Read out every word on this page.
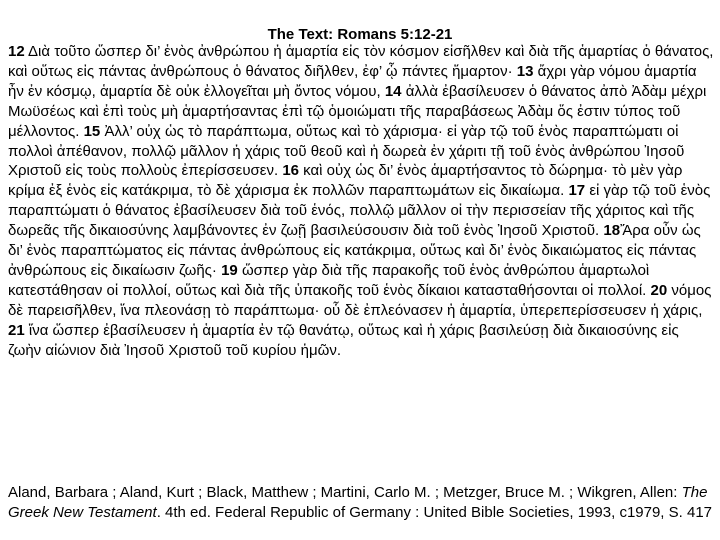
The Text: Romans 5:12-21
12 Διὰ τοῦτο ὥσπερ δι’ ἑνὸς ἀνθρώπου ἡ ἁμαρτία εἰς τὸν κόσμον εἰσῆλθεν καὶ διὰ τῆς ἁμαρτίας ὁ θάνατος, καὶ οὕτως εἰς πάντας ἀνθρώπους ὁ θάνατος διῆλθεν, ἐφ’ ᾧ πάντες ἥμαρτον· 13 ἄχρι γὰρ νόμου ἁμαρτία ἦν ἐν κόσμῳ, ἁμαρτία δὲ οὐκ ἐλλογεῖται μὴ ὄντος νόμου, 14 ἀλλὰ ἐβασίλευσεν ὁ θάνατος ἀπὸ Ἀδὰμ μέχρι Μωϋσέως καὶ ἐπὶ τοὺς μὴ ἁμαρτήσαντας ἐπὶ τῷ ὁμοιώματι τῆς παραβάσεως Ἀδὰμ ὅς ἐστιν τύπος τοῦ μέλλοντος. 15 Ἀλλ’ οὐχ ὡς τὸ παράπτωμα, οὕτως καὶ τὸ χάρισμα· εἰ γὰρ τῷ τοῦ ἑνὸς παραπτώματι οἱ πολλοὶ ἀπέθανον, πολλῷ μᾶλλον ἡ χάρις τοῦ θεοῦ καὶ ἡ δωρεὰ ἐν χάριτι τῇ τοῦ ἑνὸς ἀνθρώπου Ἰησοῦ Χριστοῦ εἰς τοὺς πολλοὺς ἐπερίσσευσεν. 16 καὶ οὐχ ὡς δι’ ἑνὸς ἁμαρτήσαντος τὸ δώρημα· τὸ μὲν γὰρ κρίμα ἐξ ἑνὸς εἰς κατάκριμα, τὸ δὲ χάρισμα ἐκ πολλῶν παραπτωμάτων εἰς δικαίωμα. 17 εἰ γὰρ τῷ τοῦ ἑνὸς παραπτώματι ὁ θάνατος ἐβασίλευσεν διὰ τοῦ ἑνός, πολλῷ μᾶλλον οἱ τὴν περισσείαν τῆς χάριτος καὶ τῆς δωρεᾶς τῆς δικαιοσύνης λαμβάνοντες ἐν ζωῇ βασιλεύσουσιν διὰ τοῦ ἑνὸς Ἰησοῦ Χριστοῦ. 18Ἄρα οὖν ὡς δι’ ἑνὸς παραπτώματος εἰς πάντας ἀνθρώπους εἰς κατάκριμα, οὕτως καὶ δι’ ἑνὸς δικαιώματος εἰς πάντας ἀνθρώπους εἰς δικαίωσιν ζωῆς· 19 ὥσπερ γὰρ διὰ τῆς παρακοῆς τοῦ ἑνὸς ἀνθρώπου ἁμαρτωλοὶ κατεστάθησαν οἱ πολλοί, οὕτως καὶ διὰ τῆς ὑπακοῆς τοῦ ἑνὸς δίκαιοι κατασταθήσονται οἱ πολλοί. 20 νόμος δὲ παρεισῆλθεν, ἵνα πλεονάσῃ τὸ παράπτωμα· οὗ δὲ ἐπλεόνασεν ἡ ἁμαρτία, ὑπερεπερίσσευσεν ἡ χάρις, 21 ἵνα ὥσπερ ἐβασίλευσεν ἡ ἁμαρτία ἐν τῷ θανάτῳ, οὕτως καὶ ἡ χάρις βασιλεύσῃ διὰ δικαιοσύνης εἰς ζωὴν αἰώνιον διὰ Ἰησοῦ Χριστοῦ τοῦ κυρίου ἡμῶν.
Aland, Barbara ; Aland, Kurt ; Black, Matthew ; Martini, Carlo M. ; Metzger, Bruce M. ; Wikgren, Allen: The Greek New Testament. 4th ed. Federal Republic of Germany : United Bible Societies, 1993, c1979, S. 417
